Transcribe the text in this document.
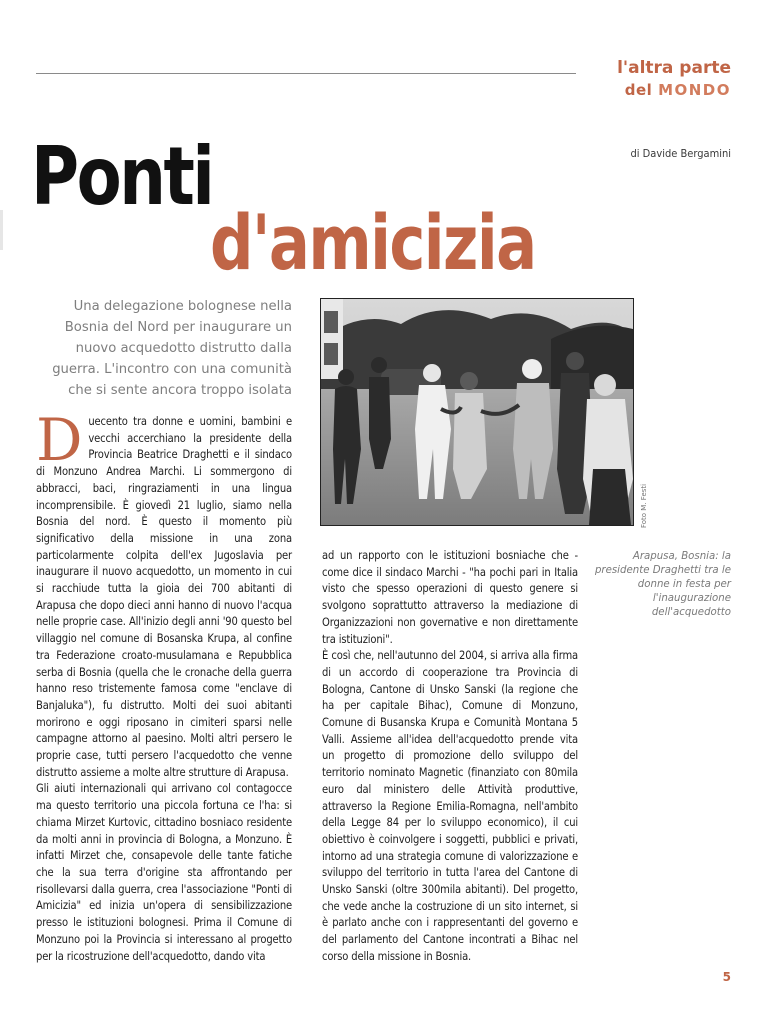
l'altra parte
del MONDO
di Davide Bergamini
Ponti
d'amicizia
Una delegazione bolognese nella Bosnia del Nord per inaugurare un nuovo acquedotto distrutto dalla guerra. L'incontro con una comunità che si sente ancora troppo isolata
Foto M. Festi
Arapusa, Bosnia: la presidente Draghetti tra le donne in festa per l'inaugurazione dell'acquedotto
D uecento tra donne e uomini, bambini e vecchi accerchiano la presidente della Provincia Beatrice Draghetti e il sindaco di Monzuno Andrea Marchi. Li sommergono di abbracci, baci, ringraziamenti in una lingua incomprensibile. È giovedì 21 luglio, siamo nella Bosnia del nord. È questo il momento più significativo della missione in una zona particolarmente colpita dell'ex Jugoslavia per inaugurare il nuovo acquedotto, un momento in cui si racchiude tutta la gioia dei 700 abitanti di Arapusa che dopo dieci anni hanno di nuovo l'acqua nelle proprie case. All'inizio degli anni '90 questo bel villaggio nel comune di Bosanska Krupa, al confine tra Federazione croato-musulamana e Repubblica serba di Bosnia (quella che le cronache della guerra hanno reso tristemente famosa come "enclave di Banjaluka"), fu distrutto. Molti dei suoi abitanti morirono e oggi riposano in cimiteri sparsi nelle campagne attorno al paesino. Molti altri persero le proprie case, tutti persero l'acquedotto che venne distrutto assieme a molte altre strutture di Arapusa.

Gli aiuti internazionali qui arrivano col contagocce ma questo territorio una piccola fortuna ce l'ha: si chiama Mirzet Kurtovic, cittadino bosniaco residente da molti anni in provincia di Bologna, a Monzuno. È infatti Mirzet che, consapevole delle tante fatiche che la sua terra d'origine sta affrontando per risollevarsi dalla guerra, crea l'associazione "Ponti di Amicizia" ed inizia un'opera di sensibilizzazione presso le istituzioni bolognesi. Prima il Comune di Monzuno poi la Provincia si interessano al progetto per la ricostruzione dell'acquedotto, dando vita

ad un rapporto con le istituzioni bosniache che - come dice il sindaco Marchi - "ha pochi pari in Italia visto che spesso operazioni di questo genere si svolgono soprattutto attraverso la mediazione di Organizzazioni non governative e non direttamente tra istituzioni".

È così che, nell'autunno del 2004, si arriva alla firma di un accordo di cooperazione tra Provincia di Bologna, Cantone di Unsko Sanski (la regione che ha per capitale Bihac), Comune di Monzuno, Comune di Busanska Krupa e Comunità Montana 5 Valli. Assieme all'idea dell'acquedotto prende vita un progetto di promozione dello sviluppo del territorio nominato Magnetic (finanziato con 80mila euro dal ministero delle Attività produttive, attraverso la Regione Emilia-Romagna, nell'ambito della Legge 84 per lo sviluppo economico), il cui obiettivo è coinvolgere i soggetti, pubblici e privati, intorno ad una strategia comune di valorizzazione e sviluppo del territorio in tutta l'area del Cantone di Unsko Sanski (oltre 300mila abitanti). Del progetto, che vede anche la costruzione di un sito internet, si è parlato anche con i rappresentanti del governo e del parlamento del Cantone incontrati a Bihac nel corso della missione in Bosnia.

5
